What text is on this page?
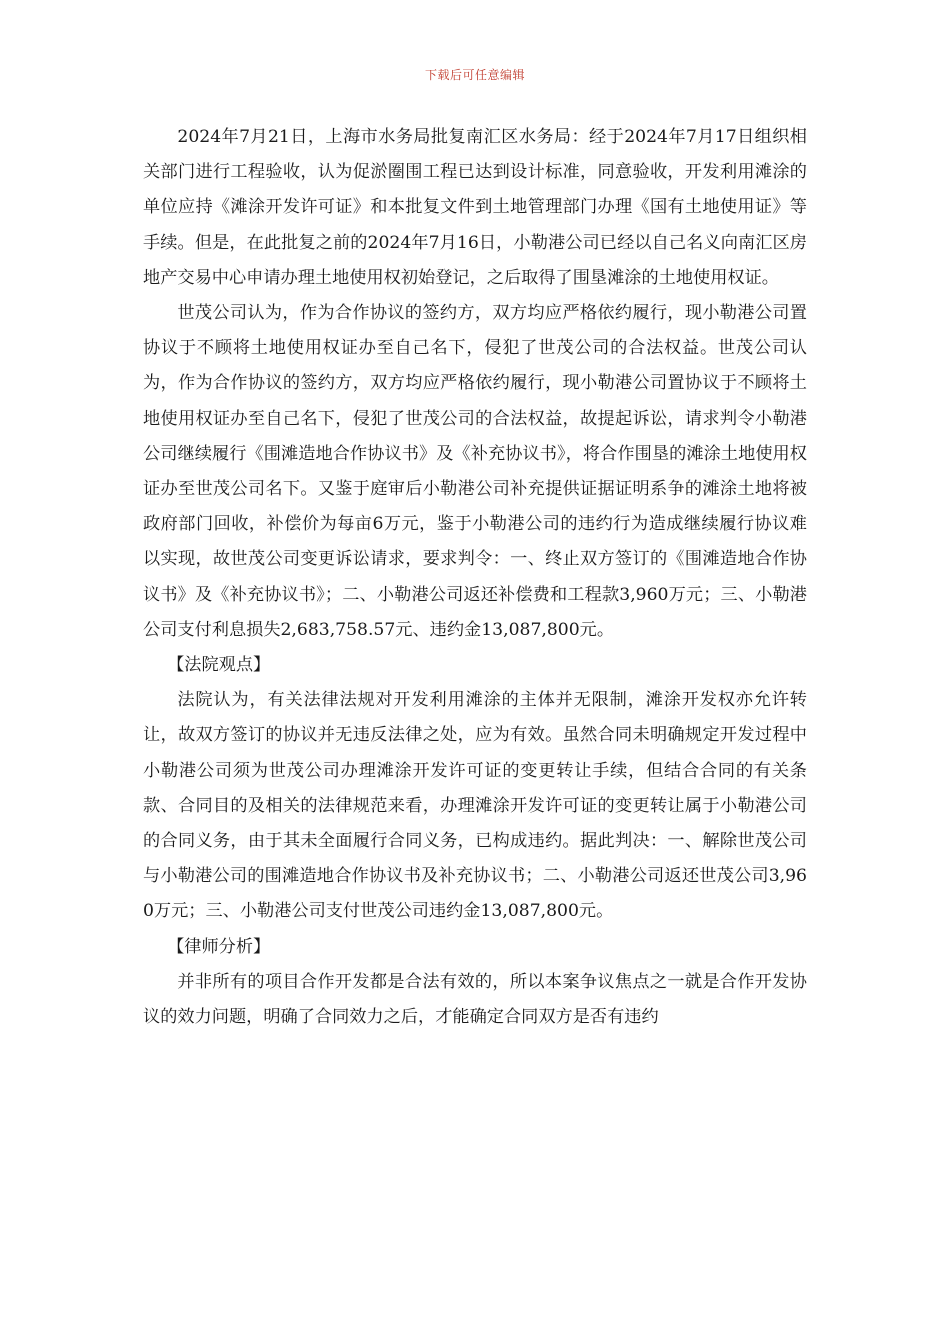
下载后可任意编辑

2024年7月21日，上海市水务局批复南汇区水务局：经于2024年7月17日组织相关部门进行工程验收，认为促淤圈围工程已达到设计标准，同意验收，开发利用滩涂的单位应持《滩涂开发许可证》和本批复文件到土地管理部门办理《国有土地使用证》等手续。但是，在此批复之前的2024年7月16日，小勒港公司已经以自己名义向南汇区房地产交易中心申请办理土地使用权初始登记，之后取得了围垦滩涂的土地使用权证。

世茂公司认为，作为合作协议的签约方，双方均应严格依约履行，现小勒港公司置协议于不顾将土地使用权证办至自己名下，侵犯了世茂公司的合法权益。世茂公司认为，作为合作协议的签约方，双方均应严格依约履行，现小勒港公司置协议于不顾将土地使用权证办至自己名下，侵犯了世茂公司的合法权益，故提起诉讼，请求判令小勒港公司继续履行《围滩造地合作协议书》及《补充协议书》，将合作围垦的滩涂土地使用权证办至世茂公司名下。又鉴于庭审后小勒港公司补充提供证据证明系争的滩涂土地将被政府部门回收，补偿价为每亩6万元，鉴于小勒港公司的违约行为造成继续履行协议难以实现，故世茂公司变更诉讼请求，要求判令：一、终止双方签订的《围滩造地合作协议书》及《补充协议书》；二、小勒港公司返还补偿费和工程款3,960万元；三、小勒港公司支付利息损失2,683,758.57元、违约金13,087,800元。

【法院观点】

法院认为，有关法律法规对开发利用滩涂的主体并无限制，滩涂开发权亦允许转让，故双方签订的协议并无违反法律之处，应为有效。虽然合同未明确规定开发过程中小勒港公司须为世茂公司办理滩涂开发许可证的变更转让手续，但结合合同的有关条款、合同目的及相关的法律规范来看，办理滩涂开发许可证的变更转让属于小勒港公司的合同义务，由于其未全面履行合同义务，已构成违约。据此判决：一、解除世茂公司与小勒港公司的围滩造地合作协议书及补充协议书；二、小勒港公司返还世茂公司3,960万元；三、小勒港公司支付世茂公司违约金13,087,800元。

【律师分析】

并非所有的项目合作开发都是合法有效的，所以本案争议焦点之一就是合作开发协议的效力问题，明确了合同效力之后，才能确定合同双方是否有违约
